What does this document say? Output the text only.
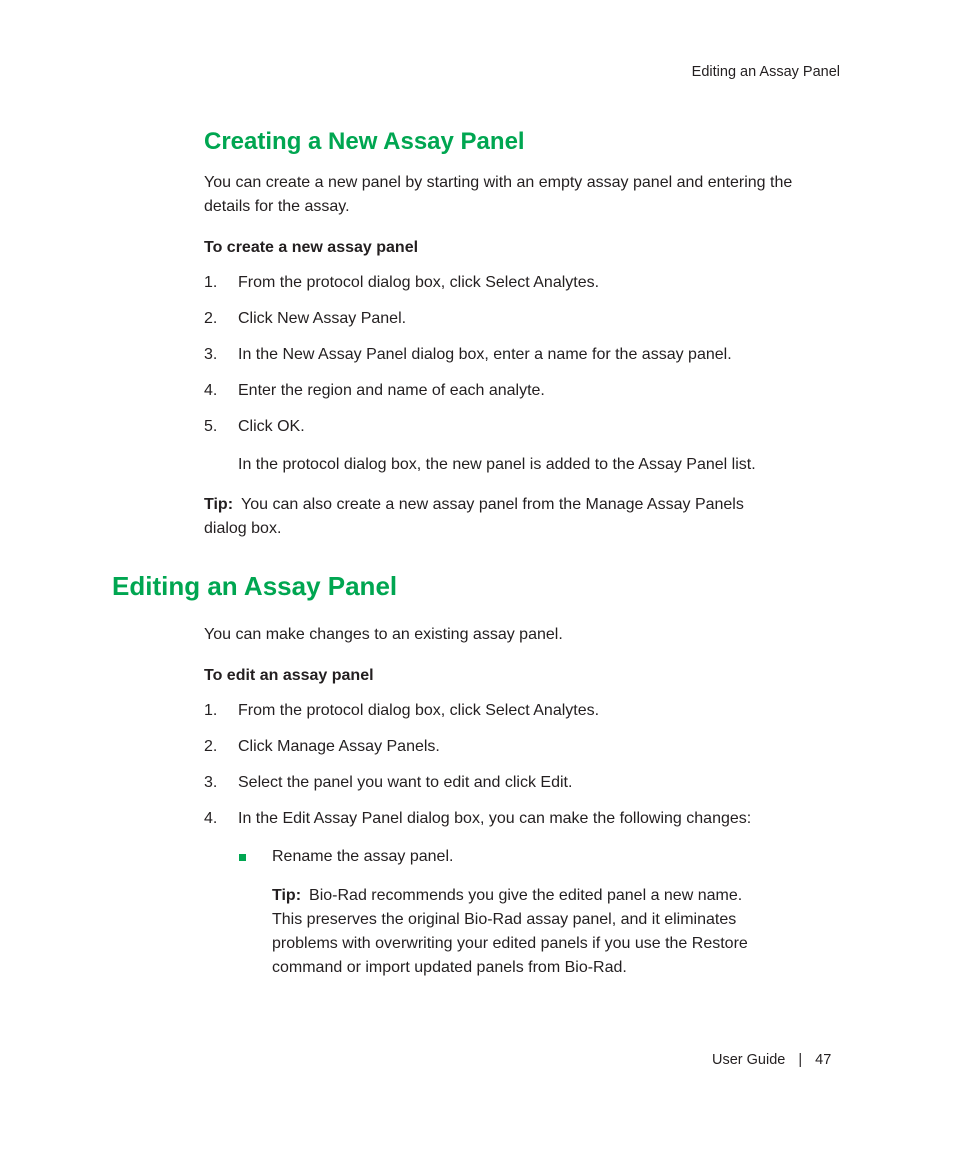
Editing an Assay Panel
Creating a New Assay Panel
You can create a new panel by starting with an empty assay panel and entering the
details for the assay.
To create a new assay panel
1. From the protocol dialog box, click Select Analytes.
2. Click New Assay Panel.
3. In the New Assay Panel dialog box, enter a name for the assay panel.
4. Enter the region and name of each analyte.
5. Click OK.
In the protocol dialog box, the new panel is added to the Assay Panel list.
Tip: You can also create a new assay panel from the Manage Assay Panels
dialog box.
Editing an Assay Panel
You can make changes to an existing assay panel.
To edit an assay panel
1. From the protocol dialog box, click Select Analytes.
2. Click Manage Assay Panels.
3. Select the panel you want to edit and click Edit.
4. In the Edit Assay Panel dialog box, you can make the following changes:
Rename the assay panel.
Tip: Bio-Rad recommends you give the edited panel a new name.
This preserves the original Bio-Rad assay panel, and it eliminates
problems with overwriting your edited panels if you use the Restore
command or import updated panels from Bio-Rad.
User Guide | 47
